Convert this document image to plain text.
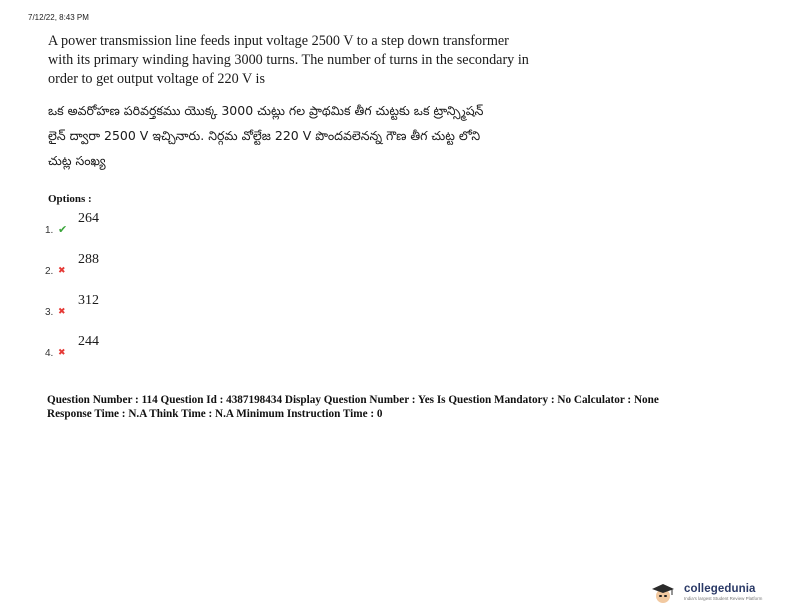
7/12/22, 8:43 PM
A power transmission line feeds input voltage 2500 V to a step down transformer
with its primary winding having 3000 turns. The number of turns in the secondary in
order to get output voltage of 220 V is
ఒక అవరోహణ పరివర్తకము యొక్క 3000 చుట్లు గల ప్రాథమిక తీగ చుట్టకు ఒక ట్రాన్స్మిషన్
లైన్ ద్వారా 2500 V ఇచ్చినారు. నిర్గమ వోల్టేజ 220 V పొందవలెనన్న గౌణ తీగ చుట్ట లోని
చుట్ల సంఖ్య
Options :
1. ✔
264
2. ✖
288
3. ✖
312
4. ✖
244
Question Number : 114 Question Id : 4387198434 Display Question Number : Yes Is Question Mandatory : No Calculator : None
Response Time : N.A Think Time : N.A Minimum Instruction Time : 0
collegedunia
India's largest Student Review Platform
